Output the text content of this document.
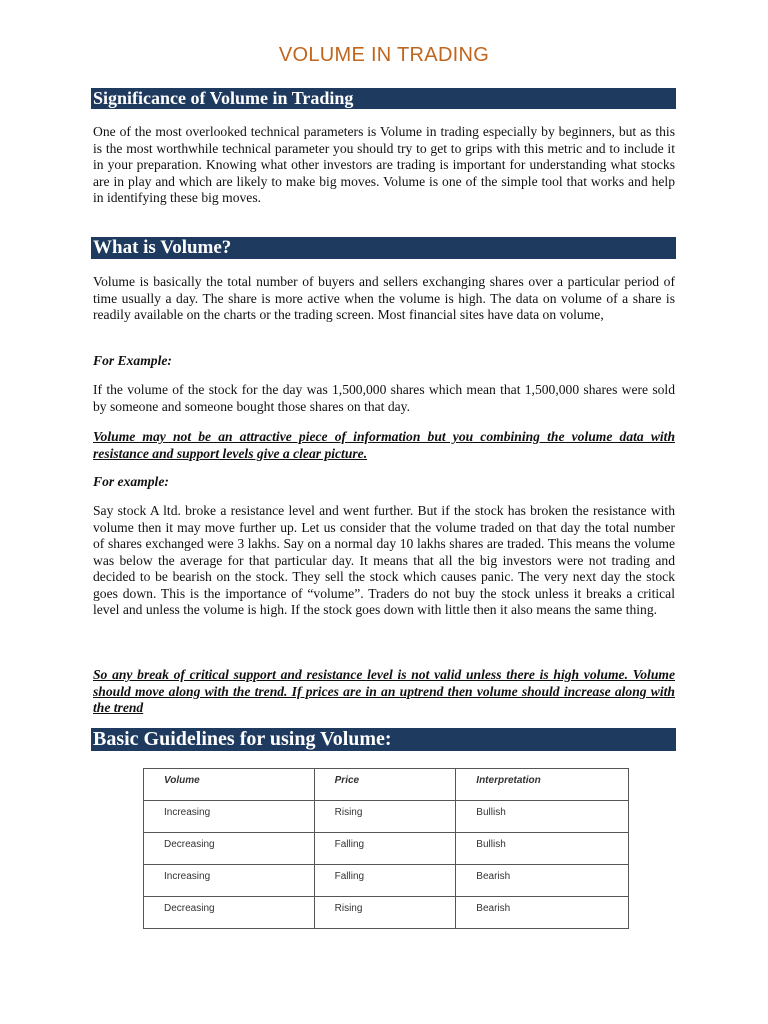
VOLUME IN TRADING
Significance of Volume in Trading

One of the most overlooked technical parameters is Volume in trading especially by beginners, but as this is the most worthwhile technical parameter you should try to get to grips with this metric and to include it in your preparation. Knowing what other investors are trading is important for understanding what stocks are in play and which are likely to make big moves. Volume is one of the simple tool that works and help in identifying these big moves.

What is Volume?

Volume is basically the total number of buyers and sellers exchanging shares over a particular period of time usually a day. The share is more active when the volume is high. The data on volume of a share is readily available on the charts or the trading screen. Most financial sites have data on volume,

For Example:

If the volume of the stock for the day was 1,500,000 shares which mean that 1,500,000 shares were sold by someone and someone bought those shares on that day.

Volume may not be an attractive piece of information but you combining the volume data with resistance and support levels give a clear picture.

For example:

Say stock A ltd. broke a resistance level and went further. But if the stock has broken the resistance with volume then it may move further up. Let us consider that the volume traded on that day the total number of shares exchanged were 3 lakhs. Say on a normal day 10 lakhs shares are traded. This means the volume was below the average for that particular day. It means that all the big investors were not trading and decided to be bearish on the stock. They sell the stock which causes panic. The very next day the stock goes down. This is the importance of “volume”. Traders do not buy the stock unless it breaks a critical level and unless the volume is high. If the stock goes down with little then it also means the same thing.

So any break of critical support and resistance level is not valid unless there is high volume. Volume should move along with the trend. If prices are in an uptrend then volume should increase along with the trend

Basic Guidelines for using Volume:
Volume	Price	Interpretation
Increasing	Rising	Bullish
Decreasing	Falling	Bullish
Increasing	Falling	Bearish
Decreasing	Rising	Bearish
